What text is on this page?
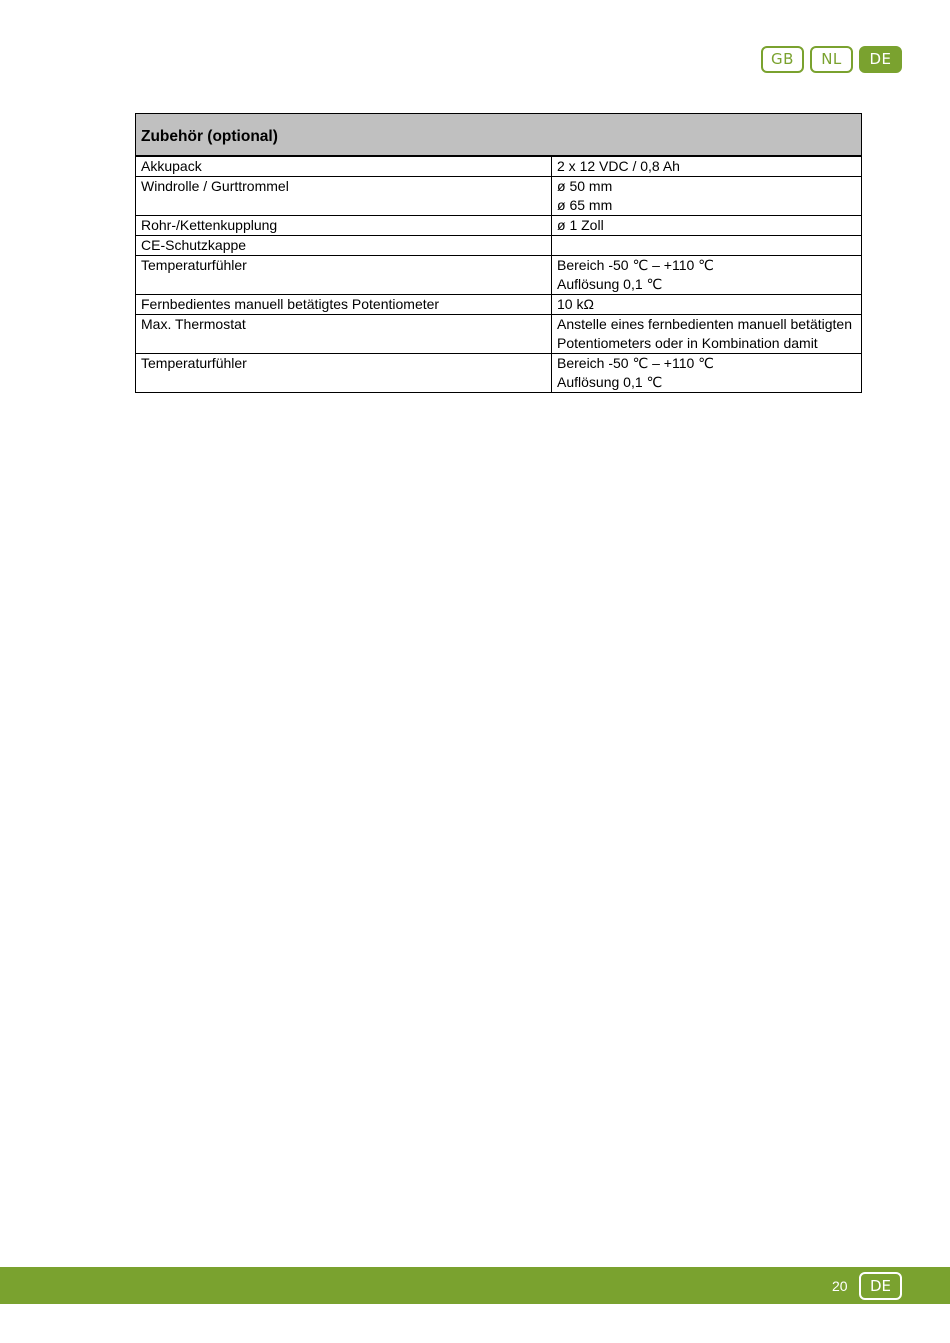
GB	NL	DE
Zubehör (optional)	
Akkupack	2 x 12 VDC / 0,8 Ah

Windrolle / Gurttrommel	ø 50 mm
ø 65 mm

Rohr-/Kettenkupplung	ø 1 Zoll

CE-Schutzkappe	
Temperaturfühler	Bereich -50 ℃ – +110 ℃
Auflösung 0,1 ℃

Fernbedientes manuell betätigtes Potentiometer	10 kΩ

Max. Thermostat	Anstelle eines fernbedienten manuell betätigten
Potentiometers oder in Kombination damit

Temperaturfühler	Bereich -50 ℃ – +110 ℃
Auflösung 0,1 ℃
20	DE
